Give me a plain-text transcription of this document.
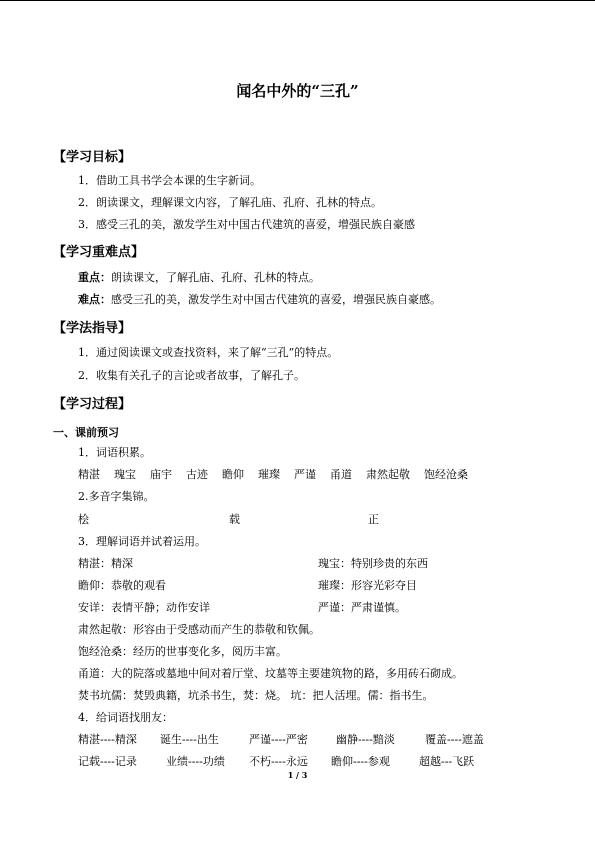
闻名中外的“三孔”
【学习目标】
1．借助工具书学会本课的生字新词。
2．朗读课文，理解课文内容，了解孔庙、孔府、孔林的特点。
3．感受三孔的美，激发学生对中国古代建筑的喜爱，增强民族自豪感
【学习重难点】
重点：朗读课文，了解孔庙、孔府、孔林的特点。
难点：感受三孔的美，激发学生对中国古代建筑的喜爱，增强民族自豪感。
【学法指导】
1．通过阅读课文或查找资料，来了解“三孔”的特点。
2．收集有关孔子的言论或者故事，了解孔子。
【学习过程】
一、课前预习
1．词语积累。
精湛 瑰宝 庙宇 古迹 瞻仰 璀璨 严谨 甬道 肃然起敬 饱经沧桑
2.多音字集锦。
桧	载	正
3．理解词语并试着运用。
精湛：精深	瑰宝：特别珍贵的东西
瞻仰：恭敬的观看	璀璨：形容光彩夺目
安详：表情平静；动作安详	严谨：严肃谨慎。
肃然起敬：形容由于受感动而产生的恭敬和钦佩。
饱经沧桑：经历的世事变化多，阅历丰富。
甬道：大的院落或墓地中间对着厅堂、坟墓等主要建筑物的路，多用砖石砌成。
焚书坑儒：焚毁典籍，坑杀书生，焚：烧。 坑：把人活埋。儒：指书生。
4．给词语找朋友：
精湛----精深 诞生----出生	严谨----严密	幽静----黯淡	覆盖----遮盖
记载----记录	业绩----功绩 不朽----永远 瞻仰----参观	超越---飞跃
1 / 3
